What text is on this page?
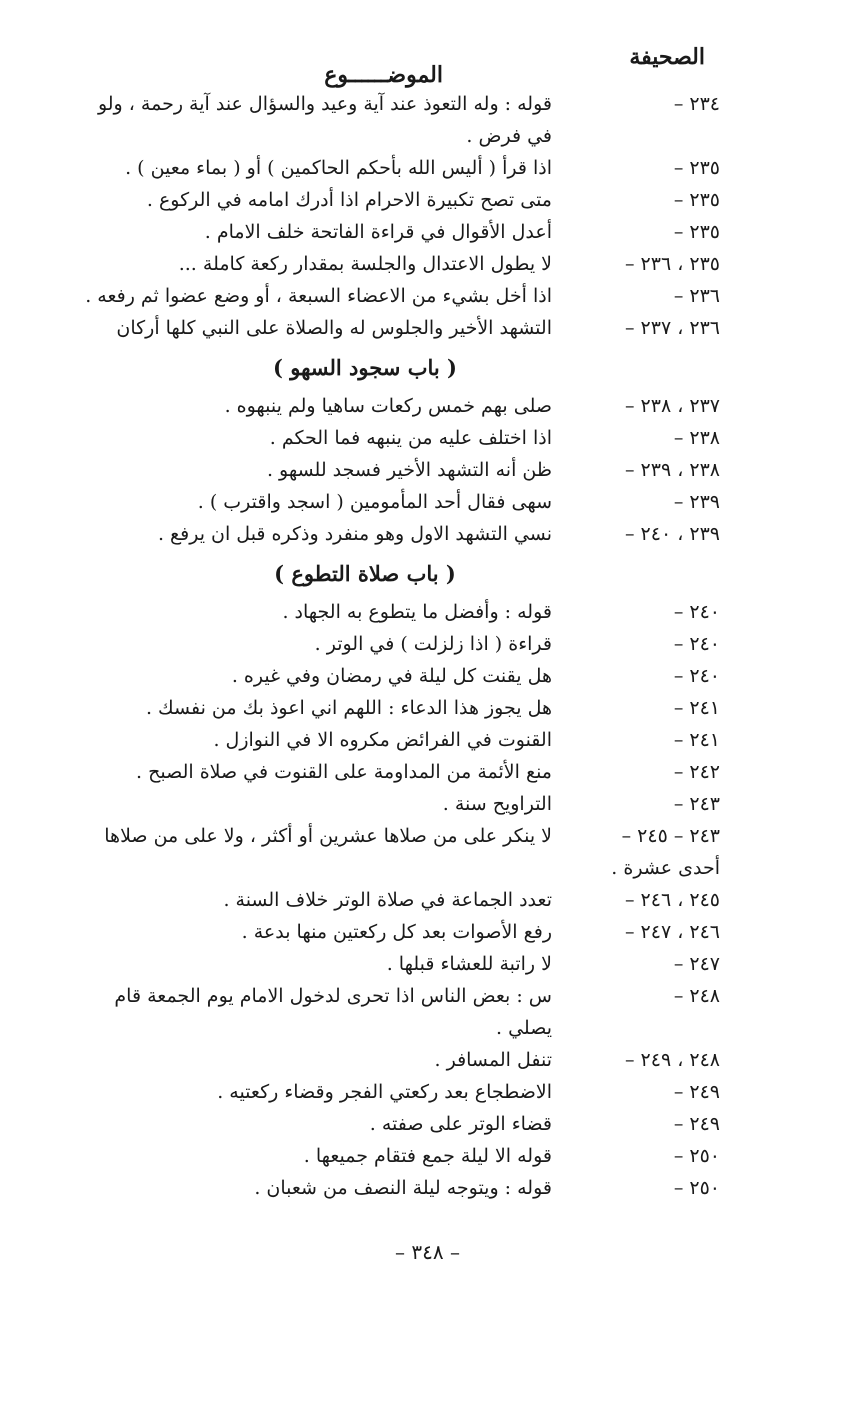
الصحيفة
الموضــــــوع
٢٣٤ –
قوله : وله التعوذ عند آية وعيد والسؤال عند آية رحمة ، ولو في فرض .
٢٣٥ –
اذا قرأ ( أليس الله بأحكم الحاكمين ) أو ( بماء معين ) .
٢٣٥ –
متى تصح تكبيرة الاحرام اذا أدرك امامه في الركوع .
٢٣٥ –
أعدل الأقوال في قراءة الفاتحة خلف الامام .
٢٣٥ ، ٢٣٦ –
لا يطول الاعتدال والجلسة بمقدار ركعة كاملة ...
٢٣٦ –
اذا أخل بشيء من الاعضاء السبعة ، أو وضع عضوا ثم رفعه .
٢٣٦ ، ٢٣٧ –
التشهد الأخير والجلوس له والصلاة على النبي كلها أركان
( باب سجود السهو )
٢٣٧ ، ٢٣٨ –
صلى بهم خمس ركعات ساهيا ولم ينبهوه .
٢٣٨ –
اذا اختلف عليه من ينبهه فما الحكم .
٢٣٨ ، ٢٣٩ –
ظن أنه التشهد الأخير فسجد للسهو .
٢٣٩ –
سهى فقال أحد المأمومين ( اسجد واقترب ) .
٢٣٩ ، ٢٤٠ –
نسي التشهد الاول وهو منفرد وذكره قبل ان يرفع .
( باب صلاة التطوع )
٢٤٠ –
قوله : وأفضل ما يتطوع به الجهاد .
٢٤٠ –
قراءة ( اذا زلزلت ) في الوتر .
٢٤٠ –
هل يقنت كل ليلة في رمضان وفي غيره .
٢٤١ –
هل يجوز هذا الدعاء : اللهم اني اعوذ بك من نفسك .
٢٤١ –
القنوت في الفرائض مكروه الا في النوازل .
٢٤٢ –
منع الأئمة من المداومة على القنوت في صلاة الصبح .
٢٤٣ –
التراويح سنة .
٢٤٣ – ٢٤٥ –
لا ينكر على من صلاها عشرين أو أكثر ، ولا على من صلاها أحدى عشرة .
٢٤٥ ، ٢٤٦ –
تعدد الجماعة في صلاة الوتر خلاف السنة .
٢٤٦ ، ٢٤٧ –
رفع الأصوات بعد كل ركعتين منها بدعة .
٢٤٧ –
لا راتبة للعشاء قبلها .
٢٤٨ –
س : بعض الناس اذا تحرى لدخول الامام يوم الجمعة قام يصلي .
٢٤٨ ، ٢٤٩ –
تنفل المسافر .
٢٤٩ –
الاضطجاع بعد ركعتي الفجر وقضاء ركعتيه .
٢٤٩ –
قضاء الوتر على صفته .
٢٥٠ –
قوله الا ليلة جمع فتقام جميعها .
٢٥٠ –
قوله : ويتوجه ليلة النصف من شعبان .
– ٣٤٨ –
